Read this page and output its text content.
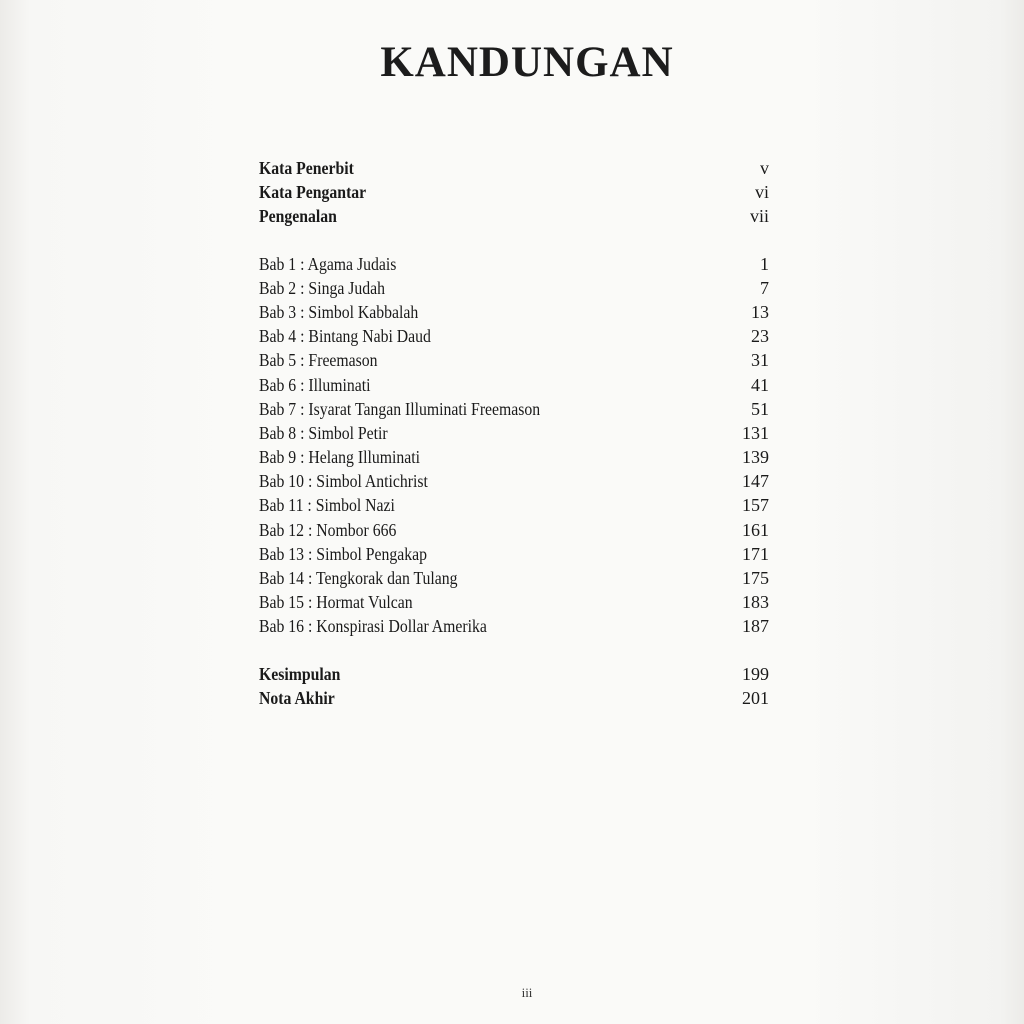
KANDUNGAN
Kata Penerbit	v
Kata Pengantar	vi
Pengenalan	vii
Bab 1 : Agama Judais	1
Bab 2 : Singa Judah	7
Bab 3 : Simbol Kabbalah	13
Bab 4 : Bintang Nabi Daud	23
Bab 5 : Freemason	31
Bab 6 : Illuminati	41
Bab 7 : Isyarat Tangan Illuminati Freemason	51
Bab 8 : Simbol Petir	131
Bab 9 : Helang Illuminati	139
Bab 10 : Simbol Antichrist	147
Bab 11 : Simbol Nazi	157
Bab 12 : Nombor 666	161
Bab 13 : Simbol Pengakap	171
Bab 14 : Tengkorak dan Tulang	175
Bab 15 : Hormat Vulcan	183
Bab 16 : Konspirasi Dollar Amerika	187
Kesimpulan	199
Nota Akhir	201
iii
